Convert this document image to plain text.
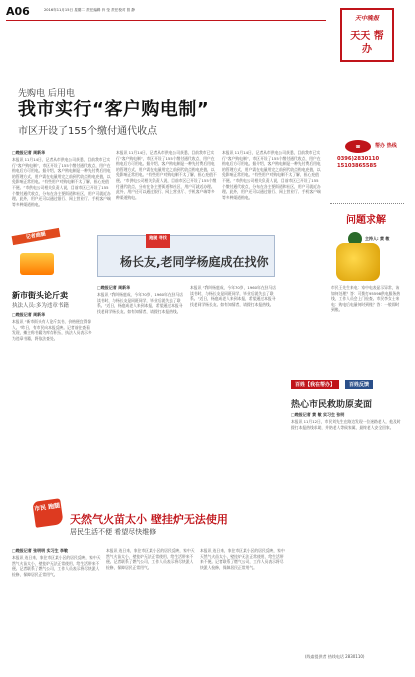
A06	2016年11月15日 星期二 责任编辑 肖 莹 责任校对 曾 静
天中晚报
天天 帮办
先购电 后用电
我市实行“客户购电制”
市区开设了155个缴付通代收点
□晚报记者 周新华
本报讯 11月14日，记者从市供电公司获悉，目前我市已实行“客户购电制”，市区开设了155个缴付通代收点，用户在购电后方可用电。据介绍，客户购电制是一种先付费后用电的管理方式，用户需在电量用完之前到代收点购电充值，以免影响正常用电。“有些用户对购电制不太了解，担心充值不便。”市供电公司相关负责人说，目前市区已开设了155个缴付通代收点，分布在各主要街道和社区，用户可就近办理。此外，用户还可以通过银行、网上营业厅、手机客户端等多种渠道购电。
本报讯 11月14日，记者从市供电公司获悉，目前我市已实行“客户购电制”，市区开设了155个缴付通代收点，用户在购电后方可用电。据介绍，客户购电制是一种先付费后用电的管理方式，用户需在电量用完之前到代收点购电充值，以免影响正常用电。“有些用户对购电制不太了解，担心充值不便。”市供电公司相关负责人说，目前市区已开设了155个缴付通代收点，分布在各主要街道和社区，用户可就近办理。此外，用户还可以通过银行、网上营业厅、手机客户端等多种渠道购电。
本报讯 11月14日，记者从市供电公司获悉，目前我市已实行“客户购电制”，市区开设了155个缴付通代收点，用户在购电后方可用电。据介绍，客户购电制是一种先付费后用电的管理方式，用户需在电量用完之前到代收点购电充值，以免影响正常用电。“有些用户对购电制不太了解，担心充值不便。”市供电公司相关负责人说，目前市区已开设了155个缴付通代收点，分布在各主要街道和社区，用户可就近办理。此外，用户还可以通过银行、网上营业厅、手机客户端等多种渠道购电。
记者跑腿
新市街头论斤卖
执法人员:多为违章书籍
□晚报记者 周新华
本报讯 “新市街头有人论斤卖书，价格便宜得惊人。”昨日，有市民向本报反映。记者前往查看发现，摊主称书籍为库存积压，执法人员表示多为违章书籍，将依法查处。
跑腿 寻找
杨长友,老同学杨庭成在找你
□晚报记者 周新华
本报讯 “我叫杨庭成，今年70岁，1960年在驻马店读书时，与杨长友是同班同学，毕业后就失去了联系。”近日，杨庭成老人来到本报，希望通过本报寻找老同学杨长友。如有知情者，请拨打本报热线。
本报讯 “我叫杨庭成，今年70岁，1960年在驻马店读书时，与杨长友是同班同学，毕业后就失去了联系。”近日，杨庭成老人来到本报，希望通过本报寻找老同学杨长友。如有知情者，请拨打本报热线。
市民 跑腿
天然气火苗太小 壁挂炉无法使用
居民生活不便 希望尽快维修
□晚报记者 张明明 实习生 李敏
本报讯 连日来，家住市区某小区的居民反映，家中天然气火苗太小，壁挂炉无法正常使用，给生活带来不便。记者联系了燃气公司，工作人员表示将尽快派人检修，保障居民正常用气。
本报讯 连日来，家住市区某小区的居民反映，家中天然气火苗太小，壁挂炉无法正常使用，给生活带来不便。记者联系了燃气公司，工作人员表示将尽快派人检修，保障居民正常用气。
本报讯 连日来，家住市区某小区的居民反映，家中天然气火苗太小，壁挂炉无法正常使用，给生活带来不便。记者联系了燃气公司，工作人员表示将尽快派人检修，保障居民正常用气。
☎	帮办 热线
0396)2830110
15103865585
问题求解
主持人: 黄 敏
市民王先生来电：家中电表显示异常，该如何处理？答：可拨打95598供电服务热线，工作人员会上门检查。市民李女士来电：购电后电量何时到账？答：一般即时到账。
百姓【我在帮办】	百姓反馈
热心市民救助原麦面
□晚报记者 黄 敏 实习生 张明
本报讯 11月12日，市民刘先生在路边发现一位迷路老人，他及时拨打本报热线求助，并陪老人等候家属，最终老人安全回家。
(线索提供者 热线电话 2830110)
